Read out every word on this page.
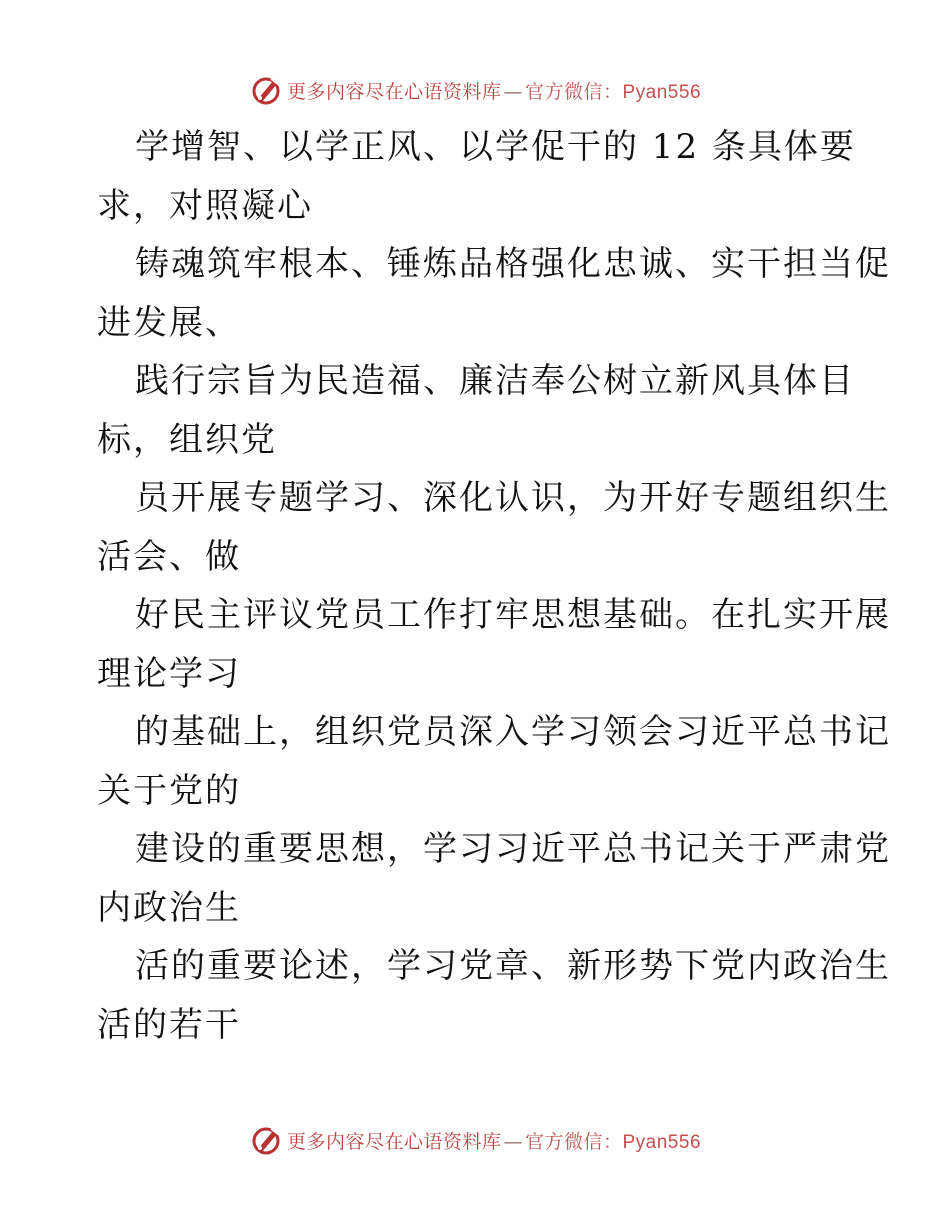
更多内容尽在心语资料库 — 官方微信：Pyan556
学增智、以学正风、以学促干的 12 条具体要
求，对照凝心
铸魂筑牢根本、锤炼品格强化忠诚、实干担当促
进发展、
践行宗旨为民造福、廉洁奉公树立新风具体目
标，组织党
员开展专题学习、深化认识，为开好专题组织生
活会、做
好民主评议党员工作打牢思想基础。在扎实开展
理论学习
的基础上，组织党员深入学习领会习近平总书记
关于党的
建设的重要思想，学习习近平总书记关于严肃党
内政治生
活的重要论述，学习党章、新形势下党内政治生
活的若干
更多内容尽在心语资料库 — 官方微信：Pyan556
